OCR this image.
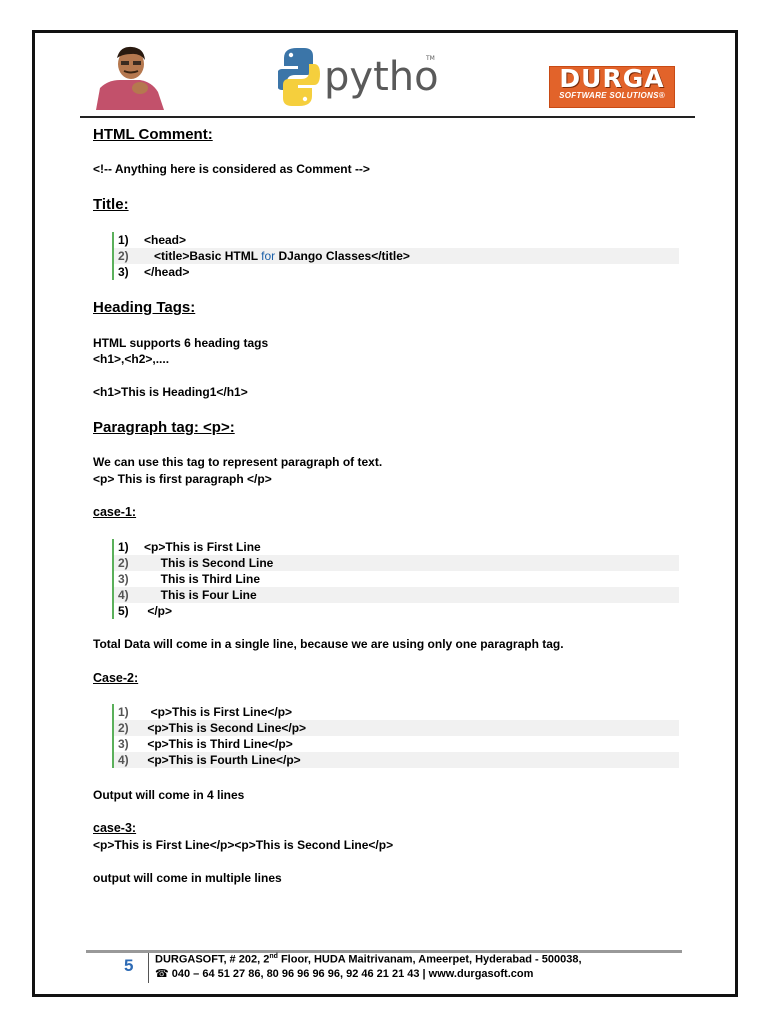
pytho
TM
DURGA
SOFTWARE SOLUTIONS®
HTML Comment:
<!-- Anything here is considered as Comment -->
Title:
1) <head>
2)   <title>Basic HTML for DJango Classes</title>
3) </head>
Heading Tags:
HTML supports 6 heading tags
<h1>,<h2>,....
<h1>This is Heading1</h1>
Paragraph tag: <p>:
We can use this tag to represent paragraph of text.
<p> This is first paragraph </p>
case-1:
1) <p>This is First Line
2)     This is Second Line
3)     This is Third Line
4)     This is Four Line
5) </p>
Total Data will come in a single line, because we are using only one paragraph tag.
Case-2:
1)  <p>This is First Line</p>
2) <p>This is Second Line</p>
3) <p>This is Third Line</p>
4) <p>This is Fourth Line</p>
Output will come in 4 lines
case-3:
<p>This is First Line</p><p>This is Second Line</p>
output will come in multiple lines
5 DURGASOFT, # 202, 2nd Floor, HUDA Maitrivanam, Ameerpet, Hyderabad - 500038,
☎ 040 – 64 51 27 86, 80 96 96 96 96, 92 46 21 21 43 | www.durgasoft.com
